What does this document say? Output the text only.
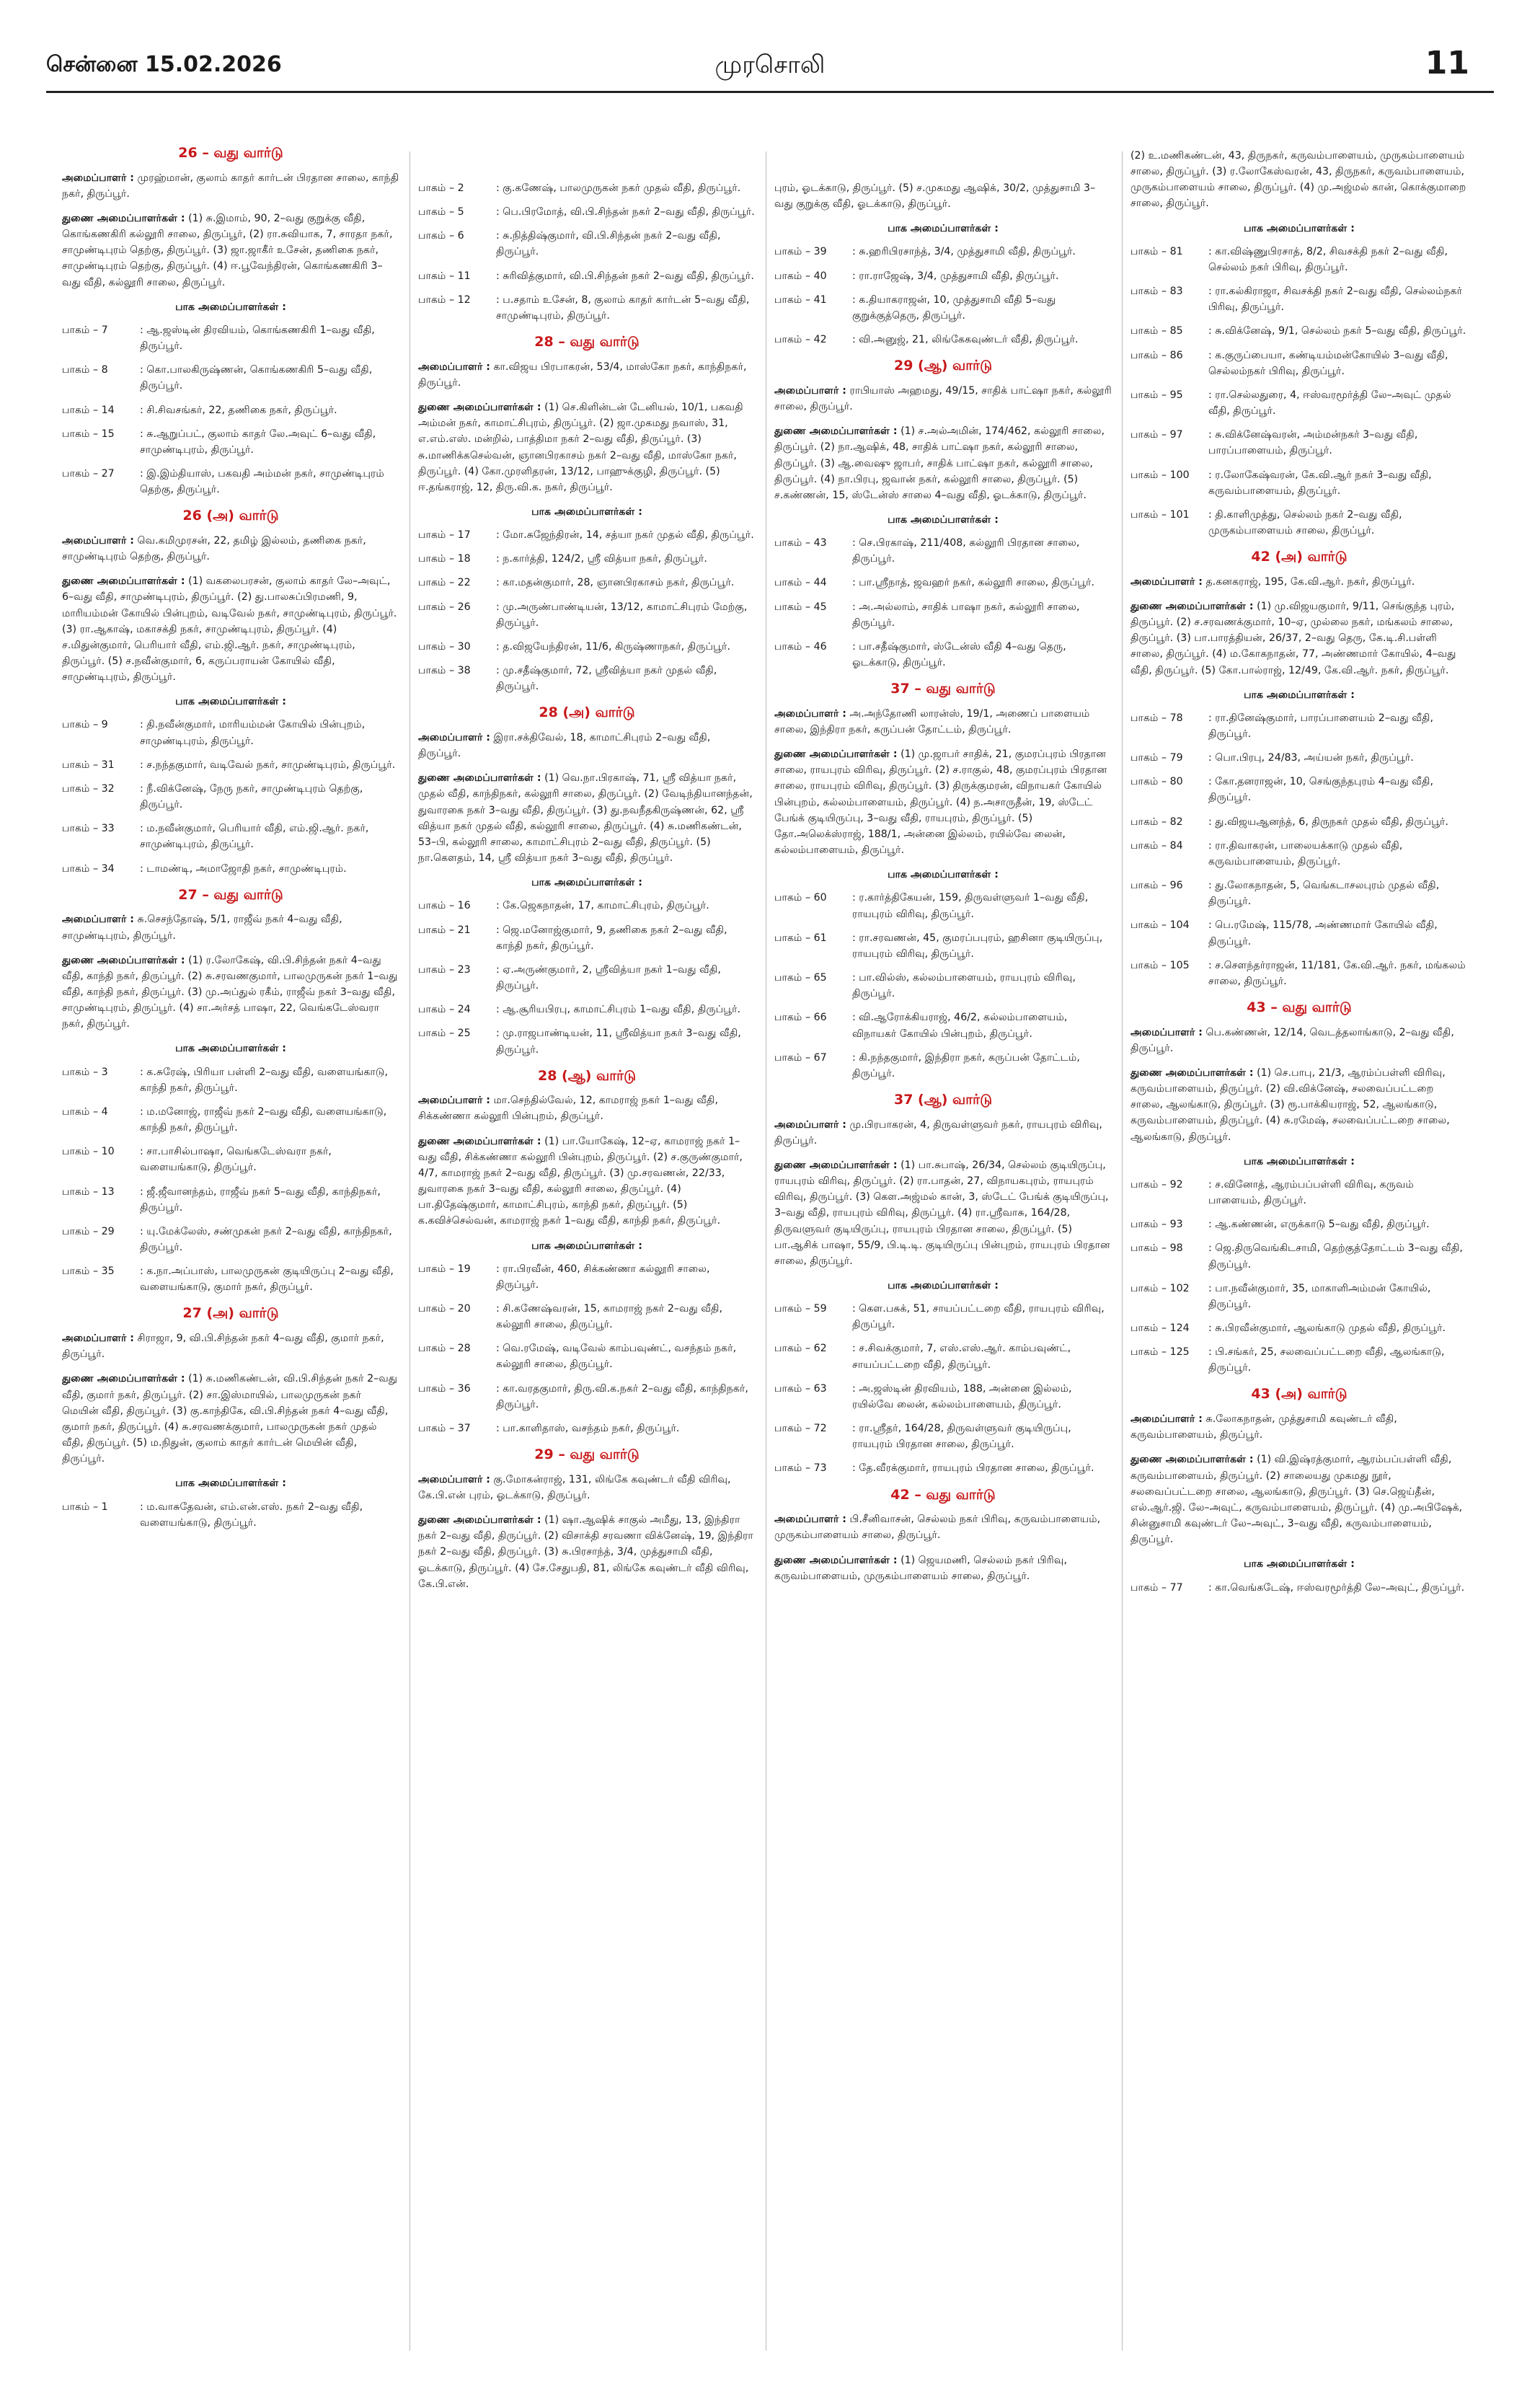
சென்னை 15.02.2026	முரசொலி	11
26 – வது வார்டு
அமைப்பாளர் : முரஹ்மான், குலாம் காதர் கார்டன் பிரதான சாலை, காந்தி நகர், திருப்பூர்.
துணை அமைப்பாளர்கள் : (1) சு.இமாம், 90, 2–வது குறுக்கு வீதி, கொங்கணகிரி கல்லூரி சாலை, திருப்பூர், (2) ரா.சுவியாக, 7, சாரதா நகர், சாமுண்டிபுரம் தெற்கு, திருப்பூர். (3) ஜா.ஜாகீர் உசேன், தணிகை நகர், சாமுண்டிபுரம் தெற்கு, திருப்பூர். (4) ஈ.பூவேந்திரன், கொங்கணகிரி 3–வது வீதி, கல்லூரி சாலை, திருப்பூர்.
பாக அமைப்பாளர்கள் :
பாகம் – 7	: ஆ.ஜஸ்டின் திரவியம், கொங்கணகிரி 1–வது வீதி, திருப்பூர்.
பாகம் – 8	: கொ.பாலகிருஷ்ணன், கொங்கணகிரி 5–வது வீதி, திருப்பூர்.
பாகம் – 14	: சி.சிவசங்கர், 22, தணிகை நகர், திருப்பூர்.
பாகம் – 15	: சு.ஆறுப்பட், குலாம் காதர் லே.அவுட் 6–வது வீதி, சாமுண்டிபுரம், திருப்பூர்.
பாகம் – 27	: இ.இம்தியாஸ், பகவதி அம்மன் நகர், சாமுண்டிபுரம் தெற்கு, திருப்பூர்.
26 (அ) வார்டு
அமைப்பாளர் : வெ.கமிமுரசன், 22, தமிழ் இல்லம், தணிகை நகர், சாமுண்டிபுரம் தெற்கு, திருப்பூர்.
துணை அமைப்பாளர்கள் : (1) வகலைபரசன், குலாம் காதர் லே–அவுட், 6–வது வீதி, சாமுண்டிபுரம், திருப்பூர். (2) து.பாலசுப்பிரமணி, 9, மாரியம்மன் கோயில் பின்புறம், வடிவேல் நகர், சாமுண்டிபுரம், திருப்பூர். (3) ரா.ஆகாஷ், மகாசக்தி நகர், சாமுண்டிபுரம், திருப்பூர். (4) ச.மிதுன்குமார், பெரியார் வீதி, எம்.ஜி.ஆர். நகர், சாமுண்டிபுரம், திருப்பூர். (5) ச.நவீன்குமார், 6, கருப்பராயன் கோயில் வீதி, சாமுண்டிபுரம், திருப்பூர்.
பாக அமைப்பாளர்கள் :
பாகம் – 9	: தி.நவீன்குமார், மாரியம்மன் கோயில் பின்புறம், சாமுண்டிபுரம், திருப்பூர்.
பாகம் – 31	: ச.நந்தகுமார், வடிவேல் நகர், சாமுண்டிபுரம், திருப்பூர்.
பாகம் – 32	: நீ.விக்னேஷ், நேரு நகர், சாமுண்டிபுரம் தெற்கு, திருப்பூர்.
பாகம் – 33	: ம.நவீன்குமார், பெரியார் வீதி, எம்.ஜி.ஆர். நகர், சாமுண்டிபுரம், திருப்பூர்.
பாகம் – 34	: டாமண்டி, அமாஜோதி நகர், சாமுண்டிபுரம்.
27 – வது வார்டு
அமைப்பாளர் : சு.செசந்தோஷ், 5/1, ராஜீவ் நகர் 4–வது வீதி, சாமுண்டிபுரம், திருப்பூர்.
துணை அமைப்பாளர்கள் : (1) ர.லோகேஷ், வி.பி.சிந்தன் நகர் 4–வது வீதி, காந்தி நகர், திருப்பூர். (2) சு.சரவணகுமார், பாலமுருகன் நகர் 1–வது வீதி, காந்தி நகர், திருப்பூர். (3) மு.அப்துல் ரகீம், ராஜீவ் நகர் 3–வது வீதி, சாமுண்டிபுரம், திருப்பூர். (4) சா.அர்சத் பாஷா, 22, வெங்கடேஸ்வரா நகர், திருப்பூர்.
பாக அமைப்பாளர்கள் :
பாகம் – 3	: க.சுரேஷ், பிரியா பள்ளி 2–வது வீதி, வளையங்காடு, காந்தி நகர், திருப்பூர்.
பாகம் – 4	: ம.மனோஜ், ராஜீவ் நகர் 2–வது வீதி, வளையங்காடு, காந்தி நகர், திருப்பூர்.
பாகம் – 10	: சா.பாசில்பாஷா, வெங்கடேஸ்வரா நகர், வளையங்காடு, திருப்பூர்.
பாகம் – 13	: ஜீ.ஜீவானந்தம், ராஜீவ் நகர் 5–வது வீதி, காந்திநகர், திருப்பூர்.
பாகம் – 29	: யு.மேக்லேஸ், சண்முகன் நகர் 2–வது வீதி, காந்திநகர், திருப்பூர்.
பாகம் – 35	: க.நா.அப்பாஸ், பாலமுருகன் குடியிருப்பு 2–வது வீதி, வளையங்காடு, குமார் நகர், திருப்பூர்.
27 (அ) வார்டு
அமைப்பாளர் : சிராஜா, 9, வி.பி.சிந்தன் நகர் 4–வது வீதி, குமார் நகர், திருப்பூர்.
துணை அமைப்பாளர்கள் : (1) சு.மணிகண்டன், வி.பி.சிந்தன் நகர் 2–வது வீதி, குமார் நகர், திருப்பூர். (2) சா.இஸ்மாயில், பாலமுருகன் நகர் மெயின் வீதி, திருப்பூர். (3) கு.காந்திகே, வி.பி.சிந்தன் நகர் 4–வது வீதி, குமார் நகர், திருப்பூர். (4) சு.சரவணக்குமார், பாலமுருகன் நகர் முதல் வீதி, திருப்பூர். (5) ம.நிதுன், குலாம் காதர் கார்டன் மெயின் வீதி, திருப்பூர்.
பாக அமைப்பாளர்கள் :
பாகம் – 1	: ம.வாசுதேவன், எம்.என்.எஸ். நகர் 2–வது வீதி, வளையங்காடு, திருப்பூர்.
பாகம் – 2	: கு.கணேஷ், பாலமுருகன் நகர் முதல் வீதி, திருப்பூர்.
பாகம் – 5	: பெ.பிரமோத், வி.பி.சிந்தன் நகர் 2–வது வீதி, திருப்பூர்.
பாகம் – 6	: சு.நித்திஷ்குமார், வி.பி.சிந்தன் நகர் 2–வது வீதி, திருப்பூர்.
பாகம் – 11	: சுரிவித்குமார், வி.பி.சிந்தன் நகர் 2–வது வீதி, திருப்பூர்.
பாகம் – 12	: ப.சதாம் உசேன், 8, குலாம் காதர் கார்டன் 5–வது வீதி, சாமுண்டிபுரம், திருப்பூர்.
28 – வது வார்டு
அமைப்பாளர் : கா.விஜய பிரபாகரன், 53/4, மாஸ்கோ நகர், காந்திநகர், திருப்பூர்.
துணை அமைப்பாளர்கள் : (1) செ.கிளின்டன் டேனியல், 10/1, பகவதி அம்மன் நகர், காமாட்சிபுரம், திருப்பூர். (2) ஜா.முகமது நவாஸ், 31, எ.எம்.எஸ். மன்றில், பாத்திமா நகர் 2–வது வீதி, திருப்பூர். (3) சு.மாணிக்கசெல்வன், ஞானபிரகாசம் நகர் 2–வது வீதி, மாஸ்கோ நகர், திருப்பூர். (4) கோ.முரளிதரன், 13/12, பாஹுக்குழி, திருப்பூர். (5) ஈ.தங்கராஜ், 12, திரு.வி.க. நகர், திருப்பூர்.
பாக அமைப்பாளர்கள் :
பாகம் – 17	: மோ.சுஜேந்திரன், 14, சத்யா நகர் முதல் வீதி, திருப்பூர்.
பாகம் – 18	: ந.கார்த்தி, 124/2, ஸ்ரீ வித்யா நகர், திருப்பூர்.
பாகம் – 22	: கா.மதன்குமார், 28, ஞானபிரகாசம் நகர், திருப்பூர்.
பாகம் – 26	: மு.அருண்பாண்டியன், 13/12, காமாட்சிபுரம் மேற்கு, திருப்பூர்.
பாகம் – 30	: த.விஜயேந்திரன், 11/6, கிருஷ்ணாநகர், திருப்பூர்.
பாகம் – 38	: மு.சதீஷ்குமார், 72, ஸ்ரீவித்யா நகர் முதல் வீதி, திருப்பூர்.
28 (அ) வார்டு
அமைப்பாளர் : இரா.சக்திவேல், 18, காமாட்சிபுரம் 2–வது வீதி, திருப்பூர்.
துணை அமைப்பாளர்கள் : (1) வெ.நா.பிரகாஷ், 71, ஸ்ரீ வித்யா நகர், முதல் வீதி, காந்திநகர், கல்லூரி சாலை, திருப்பூர். (2) வேடிந்தியானந்தன், துவாரகை நகர் 3–வது வீதி, திருப்பூர். (3) து.நவநீதகிருஷ்ணன், 62, ஸ்ரீ வித்யா நகர் முதல் வீதி, கல்லூரி சாலை, திருப்பூர். (4) சு.மணிகண்டன், 53–பி, கல்லூரி சாலை, காமாட்சிபுரம் 2–வது வீதி, திருப்பூர். (5) நா.கௌதம், 14, ஸ்ரீ வித்யா நகர் 3–வது வீதி, திருப்பூர்.
பாக அமைப்பாளர்கள் :
பாகம் – 16	: கே.ஜெகநாதன், 17, காமாட்சிபுரம், திருப்பூர்.
பாகம் – 21	: ஜெ.மனோஜ்குமார், 9, தணிகை நகர் 2–வது வீதி, காந்தி நகர், திருப்பூர்.
பாகம் – 23	: ஏ.அருண்குமார், 2, ஸ்ரீவித்யா நகர் 1–வது வீதி, திருப்பூர்.
பாகம் – 24	: ஆ.சூரியபிரபு, காமாட்சிபுரம் 1–வது வீதி, திருப்பூர்.
பாகம் – 25	: மு.ராஜபாண்டியன், 11, ஸ்ரீவித்யா நகர் 3–வது வீதி, திருப்பூர்.
28 (ஆ) வார்டு
அமைப்பாளர் : மா.செந்தில்வேல், 12, காமராஜ் நகர் 1–வது வீதி, சிக்கண்ணா கல்லூரி பின்புறம், திருப்பூர்.
துணை அமைப்பாளர்கள் : (1) பா.யோகேஷ், 12–ஏ, காமராஜ் நகர் 1–வது வீதி, சிக்கண்ணா கல்லூரி பின்புறம், திருப்பூர். (2) ச.குருண்குமார், 4/7, காமராஜ் நகர் 2–வது வீதி, திருப்பூர். (3) மு.சரவணன், 22/33, துவாரகை நகர் 3–வது வீதி, கல்லூரி சாலை, திருப்பூர். (4) பா.திதேஷ்குமார், காமாட்சிபுரம், காந்தி நகர், திருப்பூர். (5) க.கவிச்செல்வன், காமராஜ் நகர் 1–வது வீதி, காந்தி நகர், திருப்பூர்.
பாக அமைப்பாளர்கள் :
பாகம் – 19	: ரா.பிரவீன், 460, சிக்கண்ணா கல்லூரி சாலை, திருப்பூர்.
பாகம் – 20	: சி.கணேஷ்வரன், 15, காமராஜ் நகர் 2–வது வீதி, கல்லூரி சாலை, திருப்பூர்.
பாகம் – 28	: வெ.ரமேஷ், வடிவேல் காம்பவுண்ட், வசந்தம் நகர், கல்லூரி சாலை, திருப்பூர்.
பாகம் – 36	: கா.வரதகுமார், திரு.வி.க.நகர் 2–வது வீதி, காந்திநகர், திருப்பூர்.
பாகம் – 37	: பா.காளிதாஸ், வசந்தம் நகர், திருப்பூர்.
29 – வது வார்டு
அமைப்பாளர் : கு.மோகன்ராஜ், 131, லிங்கே கவுண்டர் வீதி விரிவு, கே.பி.என் புரம், ஓடக்காடு, திருப்பூர்.
துணை அமைப்பாளர்கள் : (1) ஷா.ஆஷிக் சாகுல் அமீது, 13, இந்திரா நகர் 2–வது வீதி, திருப்பூர். (2) விசாக்தி சரவணா விக்னேஷ், 19, இந்திரா நகர் 2–வது வீதி, திருப்பூர். (3) சு.பிரசாந்த், 3/4, முத்துசாமி வீதி, ஓடக்காடு, திருப்பூர். (4) சே.சேதுபதி, 81, லிங்கே கவுண்டர் வீதி விரிவு, கே.பி.என்.
புரம், ஓடக்காடு, திருப்பூர். (5) ச.முகமது ஆஷிக், 30/2, முத்துசாமி 3–வது குறுக்கு வீதி, ஓடக்காடு, திருப்பூர்.
பாக அமைப்பாளர்கள் :
பாகம் – 39	: சு.ஹரிபிரசாந்த், 3/4, முத்துசாமி வீதி, திருப்பூர்.
பாகம் – 40	: ரா.ராஜேஷ், 3/4, முத்துசாமி வீதி, திருப்பூர்.
பாகம் – 41	: க.தியாகராஜன், 10, முத்துசாமி வீதி 5–வது குறுக்குத்தெரு, திருப்பூர்.
பாகம் – 42	: வி.அனுஜ், 21, லிங்கேகவுண்டர் வீதி, திருப்பூர்.
29 (ஆ) வார்டு
அமைப்பாளர் : ராபியாஸ் அஹமது, 49/15, சாதிக் பாட்ஷா நகர், கல்லூரி சாலை, திருப்பூர்.
துணை அமைப்பாளர்கள் : (1) ச.அல்அமின், 174/462, கல்லூரி சாலை, திருப்பூர். (2) நா.ஆஷிக், 48, சாதிக் பாட்ஷா நகர், கல்லூரி சாலை, திருப்பூர். (3) ஆ.வைஷு ஜாபர், சாதிக் பாட்ஷா நகர், கல்லூரி சாலை, திருப்பூர். (4) நா.பிரபு, ஜவான் நகர், கல்லூரி சாலை, திருப்பூர். (5) ச.கண்ணன், 15, ஸ்டேன்ஸ் சாலை 4–வது வீதி, ஓடக்காடு, திருப்பூர்.
பாக அமைப்பாளர்கள் :
பாகம் – 43	: செ.பிரகாஷ், 211/408, கல்லூரி பிரதான சாலை, திருப்பூர்.
பாகம் – 44	: பா.ஸ்ரீநாத், ஜவஹர் நகர், கல்லூரி சாலை, திருப்பூர்.
பாகம் – 45	: அ.அல்லாம், சாதிக் பாஷா நகர், கல்லூரி சாலை, திருப்பூர்.
பாகம் – 46	: பா.சதீஷ்குமார், ஸ்டேன்ஸ் வீதி 4–வது தெரு, ஓடக்காடு, திருப்பூர்.
37 – வது வார்டு
அமைப்பாளர் : அ.அந்தோணி லாரன்ஸ், 19/1, அணைப் பாளையம் சாலை, இந்திரா நகர், கருப்பன் தோட்டம், திருப்பூர்.
துணை அமைப்பாளர்கள் : (1) மு.ஜாபர் சாதிக், 21, குமரப்புரம் பிரதான சாலை, ராயபுரம் விரிவு, திருப்பூர். (2) ச.ராகுல், 48, குமரப்புரம் பிரதான சாலை, ராயபுரம் விரிவு, திருப்பூர். (3) திருக்குமரன், விநாயகர் கோயில் பின்புறம், கல்லம்பாளையம், திருப்பூர். (4) ந.அசாருதீன், 19, ஸ்டேட் பேங்க் குடியிருப்பு, 3–வது வீதி, ராயபுரம், திருப்பூர். (5) தோ.அலெக்ஸ்ராஜ், 188/1, அன்னை இல்லம், ரயில்வே லைன், கல்லம்பாளையம், திருப்பூர்.
பாக அமைப்பாளர்கள் :
பாகம் – 60	: ர.கார்த்திகேயன், 159, திருவள்ளுவர் 1–வது வீதி, ராயபுரம் விரிவு, திருப்பூர்.
பாகம் – 61	: ரா.சரவணன், 45, குமரப்பபுரம், ஹசினா குடியிருப்பு, ராயபுரம் விரிவு, திருப்பூர்.
பாகம் – 65	: பா.வில்ஸ், கல்லம்பாளையம், ராயபுரம் விரிவு, திருப்பூர்.
பாகம் – 66	: வி.ஆரோக்கியராஜ், 46/2, கல்லம்பாளையம், விநாயகர் கோயில் பின்புறம், திருப்பூர்.
பாகம் – 67	: கி.நந்தகுமார், இந்திரா நகர், கருப்பன் தோட்டம், திருப்பூர்.
37 (ஆ) வார்டு
அமைப்பாளர் : மு.பிரபாகரன், 4, திருவள்ளுவர் நகர், ராயபுரம் விரிவு, திருப்பூர்.
துணை அமைப்பாளர்கள் : (1) பா.சுபாஷ், 26/34, செல்லம் குடியிருப்பு, ராயபுரம் விரிவு, திருப்பூர். (2) ரா.பாதன், 27, விநாயகபுரம், ராயபுரம் விரிவு, திருப்பூர். (3) கௌ.அஜ்மல் கான், 3, ஸ்டேட் பேங்க் குடியிருப்பு, 3–வது வீதி, ராயபுரம் விரிவு, திருப்பூர். (4) ரா.ஸ்ரீவாசு, 164/28, திருவளுவர் குடியிருப்பு, ராயபுரம் பிரதான சாலை, திருப்பூர். (5) பா.ஆசிக் பாஷா, 55/9, பி.டி.டி. குடியிருப்பு பின்புறம், ராயபுரம் பிரதான சாலை, திருப்பூர்.
பாக அமைப்பாளர்கள் :
பாகம் – 59	: கௌ.பசுக், 51, சாயப்பட்டறை வீதி, ராயபுரம் விரிவு, திருப்பூர்.
பாகம் – 62	: ச.சிவக்குமார், 7, எஸ்.எஸ்.ஆர். காம்பவுண்ட், சாயப்பட்டறை வீதி, திருப்பூர்.
பாகம் – 63	: அ.ஜஸ்டின் திரவியம், 188, அன்னை இல்லம், ரயில்வே லைன், கல்லம்பாளையம், திருப்பூர்.
பாகம் – 72	: ரா.ஸ்ரீதர், 164/28, திருவள்ளுவர் குடியிருப்பு, ராயபுரம் பிரதான சாலை, திருப்பூர்.
பாகம் – 73	: தே.வீரக்குமார், ராயபுரம் பிரதான சாலை, திருப்பூர்.
42 – வது வார்டு
அமைப்பாளர் : பி.சீனிவாசன், செல்லம் நகர் பிரிவு, கருவம்பாளையம், முருகம்பாளையம் சாலை, திருப்பூர்.
துணை அமைப்பாளர்கள் : (1) ஜெயமணி, செல்லம் நகர் பிரிவு, கருவம்பாளையம், முருகம்பாளையம் சாலை, திருப்பூர்.
(2) உ.மணிகண்டன், 43, திருநகர், கருவம்பாளையம், முருகம்பாளையம் சாலை, திருப்பூர். (3) ர.லோகேஸ்வரன், 43, திருநகர், கருவம்பாளையம், முருகம்பாளையம் சாலை, திருப்பூர். (4) மு.அஜ்மல் கான், கொக்குமாறை சாலை, திருப்பூர்.
பாக அமைப்பாளர்கள் :
பாகம் – 81	: கா.விஷ்ணுபிரசாத், 8/2, சிவசக்தி நகர் 2–வது வீதி, செல்லம் நகர் பிரிவு, திருப்பூர்.
பாகம் – 83	: ரா.கல்கிராஜா, சிவசக்தி நகர் 2–வது வீதி, செல்லம்நகர் பிரிவு, திருப்பூர்.
பாகம் – 85	: சு.விக்னேஷ், 9/1, செல்லம் நகர் 5–வது வீதி, திருப்பூர்.
பாகம் – 86	: க.குருப்பையா, கண்டியம்மன்கோயில் 3–வது வீதி, செல்லம்நகர் பிரிவு, திருப்பூர்.
பாகம் – 95	: ரா.செல்லதுரை, 4, ஈஸ்வரமூர்த்தி லே–அவுட் முதல் வீதி, திருப்பூர்.
பாகம் – 97	: சு.விக்னேஷ்வரன், அம்மன்நகர் 3–வது வீதி, பாரப்பாளையம், திருப்பூர்.
பாகம் – 100	: ர.லோகேஷ்வரன், கே.வி.ஆர் நகர் 3–வது வீதி, கருவம்பாளையம், திருப்பூர்.
பாகம் – 101	: தி.காளிமுத்து, செல்லம் நகர் 2–வது வீதி, முருகம்பாளையம் சாலை, திருப்பூர்.
42 (அ) வார்டு
அமைப்பாளர் : த.கனகராஜ், 195, கே.வி.ஆர். நகர், திருப்பூர்.
துணை அமைப்பாளர்கள் : (1) மு.விஜயகுமார், 9/11, செங்குந்த புரம், திருப்பூர். (2) ச.சரவணக்குமார், 10–ஏ, முல்லை நகர், மங்கலம் சாலை, திருப்பூர். (3) பா.பாரத்தியன், 26/37, 2–வது தெரு, கே.டி.சி.பள்ளி சாலை, திருப்பூர். (4) ம.கோகநாதன், 77, அண்ணமார் கோயில், 4–வது வீதி, திருப்பூர். (5) கோ.பால்ராஜ், 12/49, கே.வி.ஆர். நகர், திருப்பூர்.
பாக அமைப்பாளர்கள் :
பாகம் – 78	: ரா.தினேஷ்குமார், பாரப்பாளையம் 2–வது வீதி, திருப்பூர்.
பாகம் – 79	: பொ.பிரபு, 24/83, அய்யன் நகர், திருப்பூர்.
பாகம் – 80	: கோ.தனராஜன், 10, செங்குந்தபுரம் 4–வது வீதி, திருப்பூர்.
பாகம் – 82	: து.விஜயஆனந்த், 6, திருநகர் முதல் வீதி, திருப்பூர்.
பாகம் – 84	: ரா.திவாகரன், பாலையக்காடு முதல் வீதி, கருவம்பாளையம், திருப்பூர்.
பாகம் – 96	: து.லோகநாதன், 5, வெங்கடாசலபுரம் முதல் வீதி, திருப்பூர்.
பாகம் – 104	: பெ.ரமேஷ், 115/78, அண்ணமார் கோயில் வீதி, திருப்பூர்.
பாகம் – 105	: ச.சௌந்தர்ராஜன், 11/181, கே.வி.ஆர். நகர், மங்கலம் சாலை, திருப்பூர்.
43 – வது வார்டு
அமைப்பாளர் : பெ.கண்ணன், 12/14, வெடத்தலாங்காடு, 2–வது வீதி, திருப்பூர்.
துணை அமைப்பாளர்கள் : (1) செ.பாபு, 21/3, ஆரம்ப்பள்ளி விரிவு, கருவம்பாளையம், திருப்பூர். (2) வி.விக்னேஷ், சலவைப்பட்டறை சாலை, ஆலங்காடு, திருப்பூர். (3) ரூ.பாக்கியராஜ், 52, ஆலங்காடு, கருவம்பாளையம், திருப்பூர். (4) சு.ரமேஷ், சலவைப்பட்டறை சாலை, ஆலங்காடு, திருப்பூர்.
பாக அமைப்பாளர்கள் :
பாகம் – 92	: ச.வினோத், ஆரம்பப்பள்ளி விரிவு, கருவம் பாளையம், திருப்பூர்.
பாகம் – 93	: ஆ.கண்ணன், எருக்காடு 5–வது வீதி, திருப்பூர்.
பாகம் – 98	: ஜெ.திருவெங்கிடசாமி, தெற்குத்தோட்டம் 3–வது வீதி, திருப்பூர்.
பாகம் – 102	: பா.நவீன்குமார், 35, மாகாளிஅம்மன் கோயில், திருப்பூர்.
பாகம் – 124	: சு.பிரவீன்குமார், ஆலங்காடு முதல் வீதி, திருப்பூர்.
பாகம் – 125	: பி.சங்கர், 25, சலவைப்பட்டறை வீதி, ஆலங்காடு, திருப்பூர்.
43 (அ) வார்டு
அமைப்பாளர் : சு.லோகநாதன், முத்துசாமி கவுண்டர் வீதி, கருவம்பாளையம், திருப்பூர்.
துணை அமைப்பாளர்கள் : (1) வி.இஷ்ரத்குமார், ஆரம்பப்பள்ளி வீதி, கருவம்பாளையம், திருப்பூர். (2) சாலையது முகமது நூர், சலவைப்பட்டறை சாலை, ஆலங்காடு, திருப்பூர். (3) செ.ஜெய்தீன், எல்.ஆர்.ஜி. லே–அவுட், கருவம்பாளையம், திருப்பூர். (4) மு.அபிஷேக், சின்னுசாமி கவுண்டர் லே–அவுட், 3–வது வீதி, கருவம்பாளையம், திருப்பூர்.
பாக அமைப்பாளர்கள் :
பாகம் – 77	: கா.வெங்கடேஷ், ஈஸ்வரமூர்த்தி லே–அவுட், திருப்பூர்.
